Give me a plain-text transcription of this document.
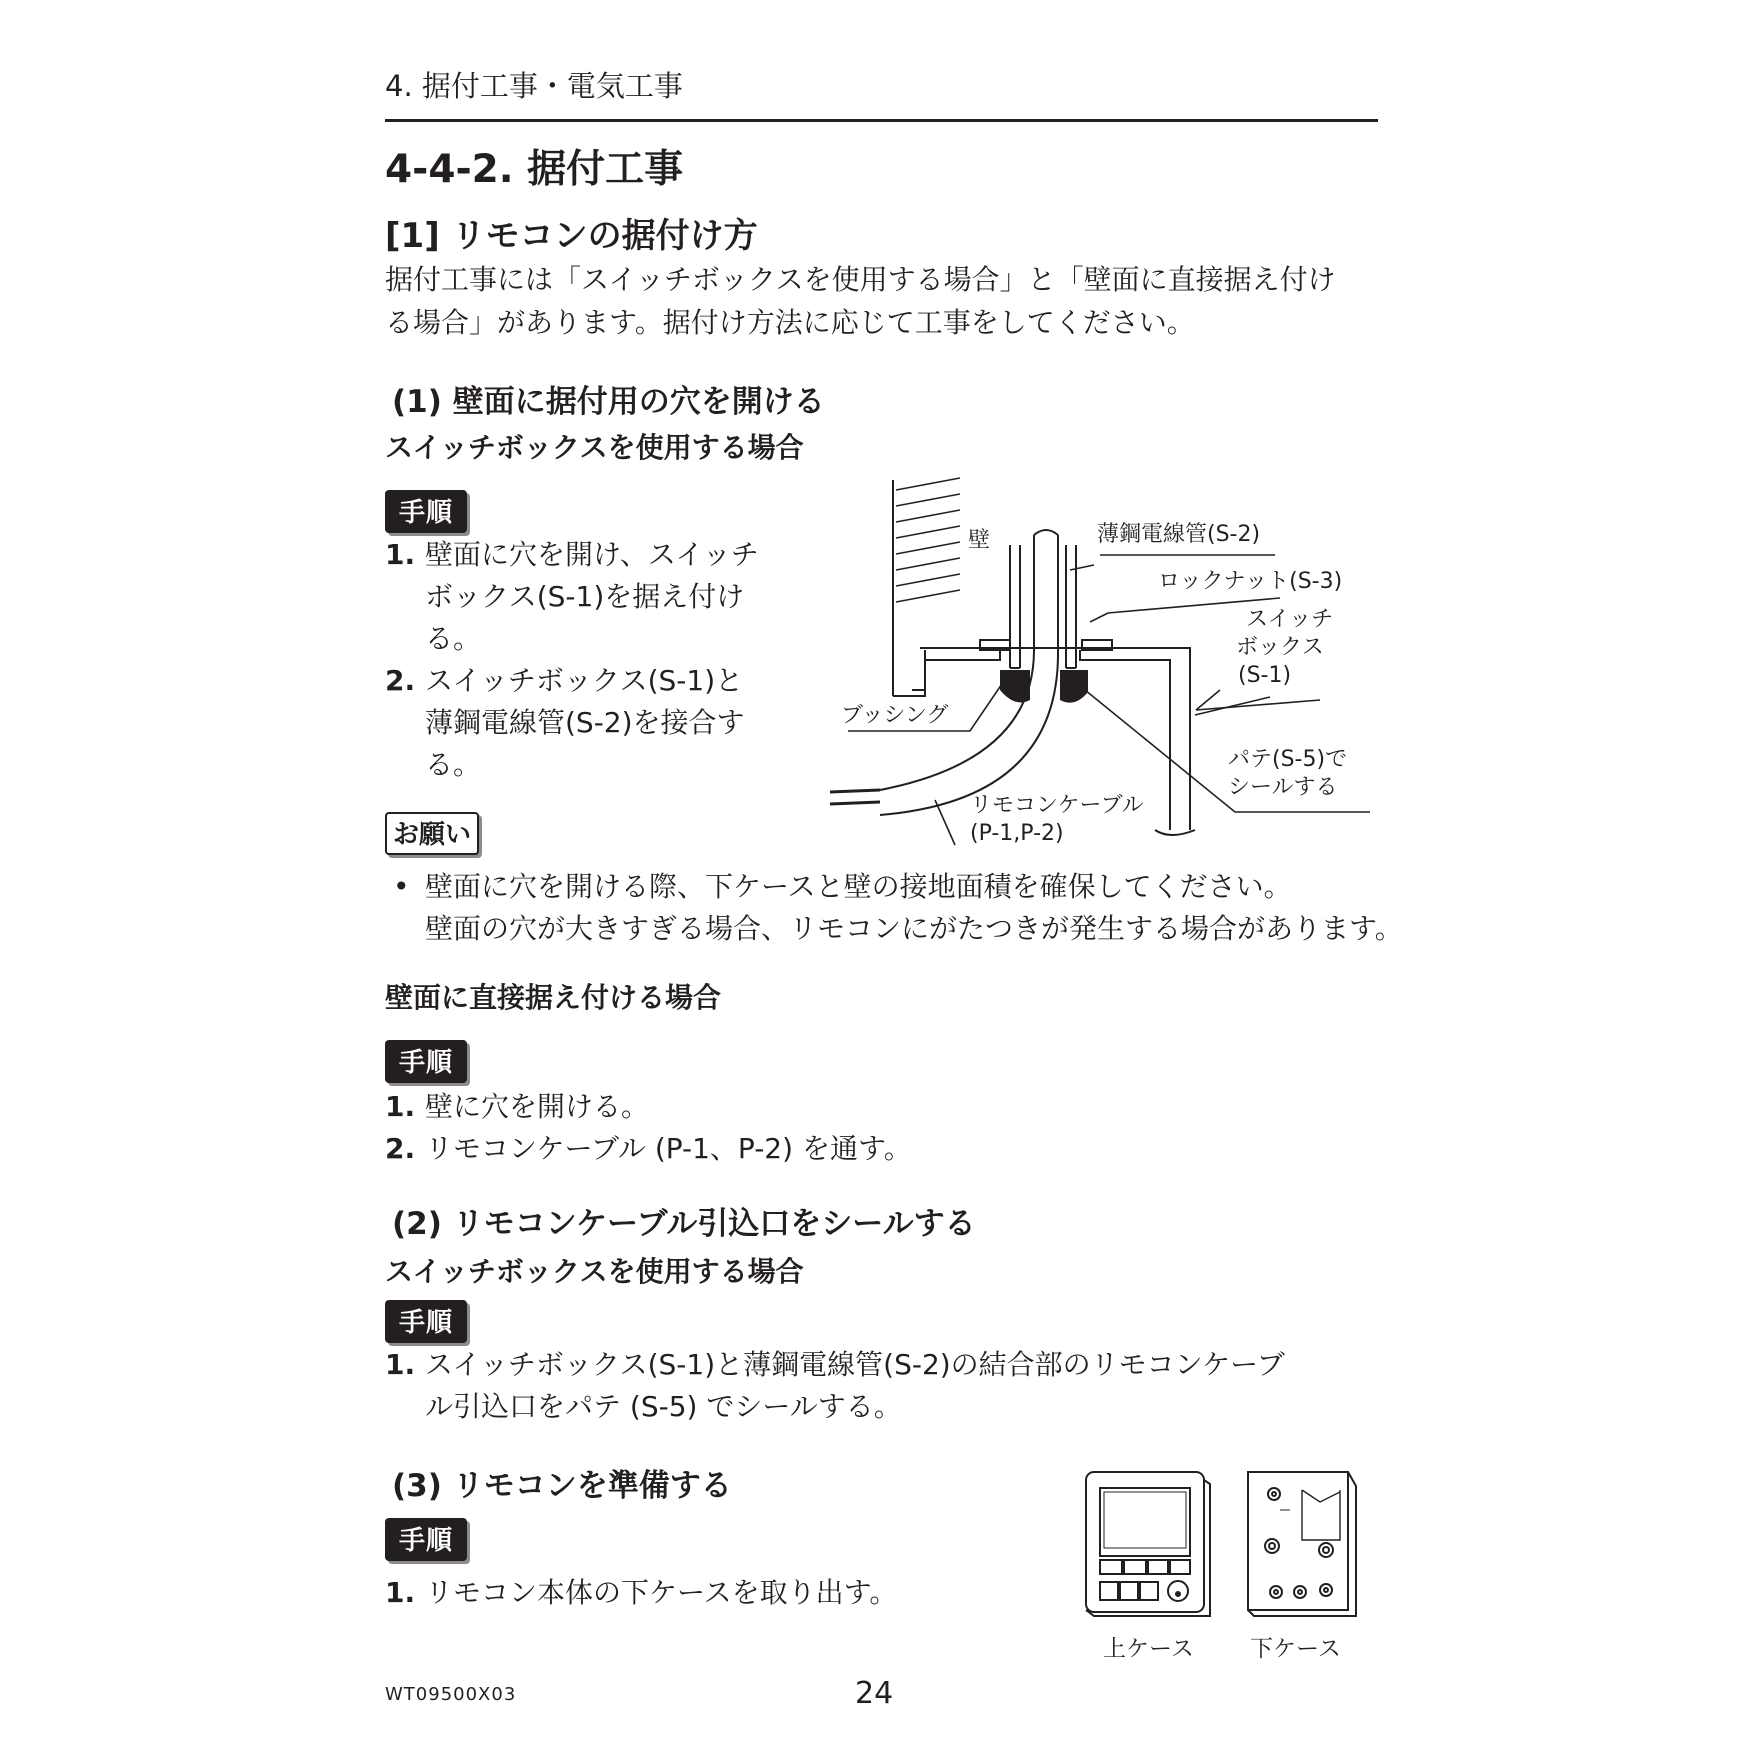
4. 据付工事・電気工事
4-4-2. 据付工事
[1] リモコンの据付け方
据付工事には「スイッチボックスを使用する場合」と「壁面に直接据え付け
る場合」があります。据付け方法に応じて工事をしてください。
(1) 壁面に据付用の穴を開ける
スイッチボックスを使用する場合
手順
1. 壁面に穴を開け、スイッチ
ボックス(S-1)を据え付け
る。
2. スイッチボックス(S-1)と
薄鋼電線管(S-2)を接合す
る。
お願い
• 壁面に穴を開ける際、下ケースと壁の接地面積を確保してください。
壁面の穴が大きすぎる場合、リモコンにがたつきが発生する場合があります。
壁面に直接据え付ける場合
手順
1. 壁に穴を開ける。
2. リモコンケーブル (P-1、P-2) を通す。
壁	薄鋼電線管(S-2)
ロックナット(S-3)
スイッチ
ボックス
(S-1)
ブッシング
パテ(S-5)で
シールする
リモコンケーブル
(P-1,P-2)
(2) リモコンケーブル引込口をシールする
スイッチボックスを使用する場合
手順
1. スイッチボックス(S-1)と薄鋼電線管(S-2)の結合部のリモコンケーブ
ル引込口をパテ (S-5) でシールする。
(3) リモコンを準備する
手順
1. リモコン本体の下ケースを取り出す。
上ケース 下ケース
WT09500X03	24
